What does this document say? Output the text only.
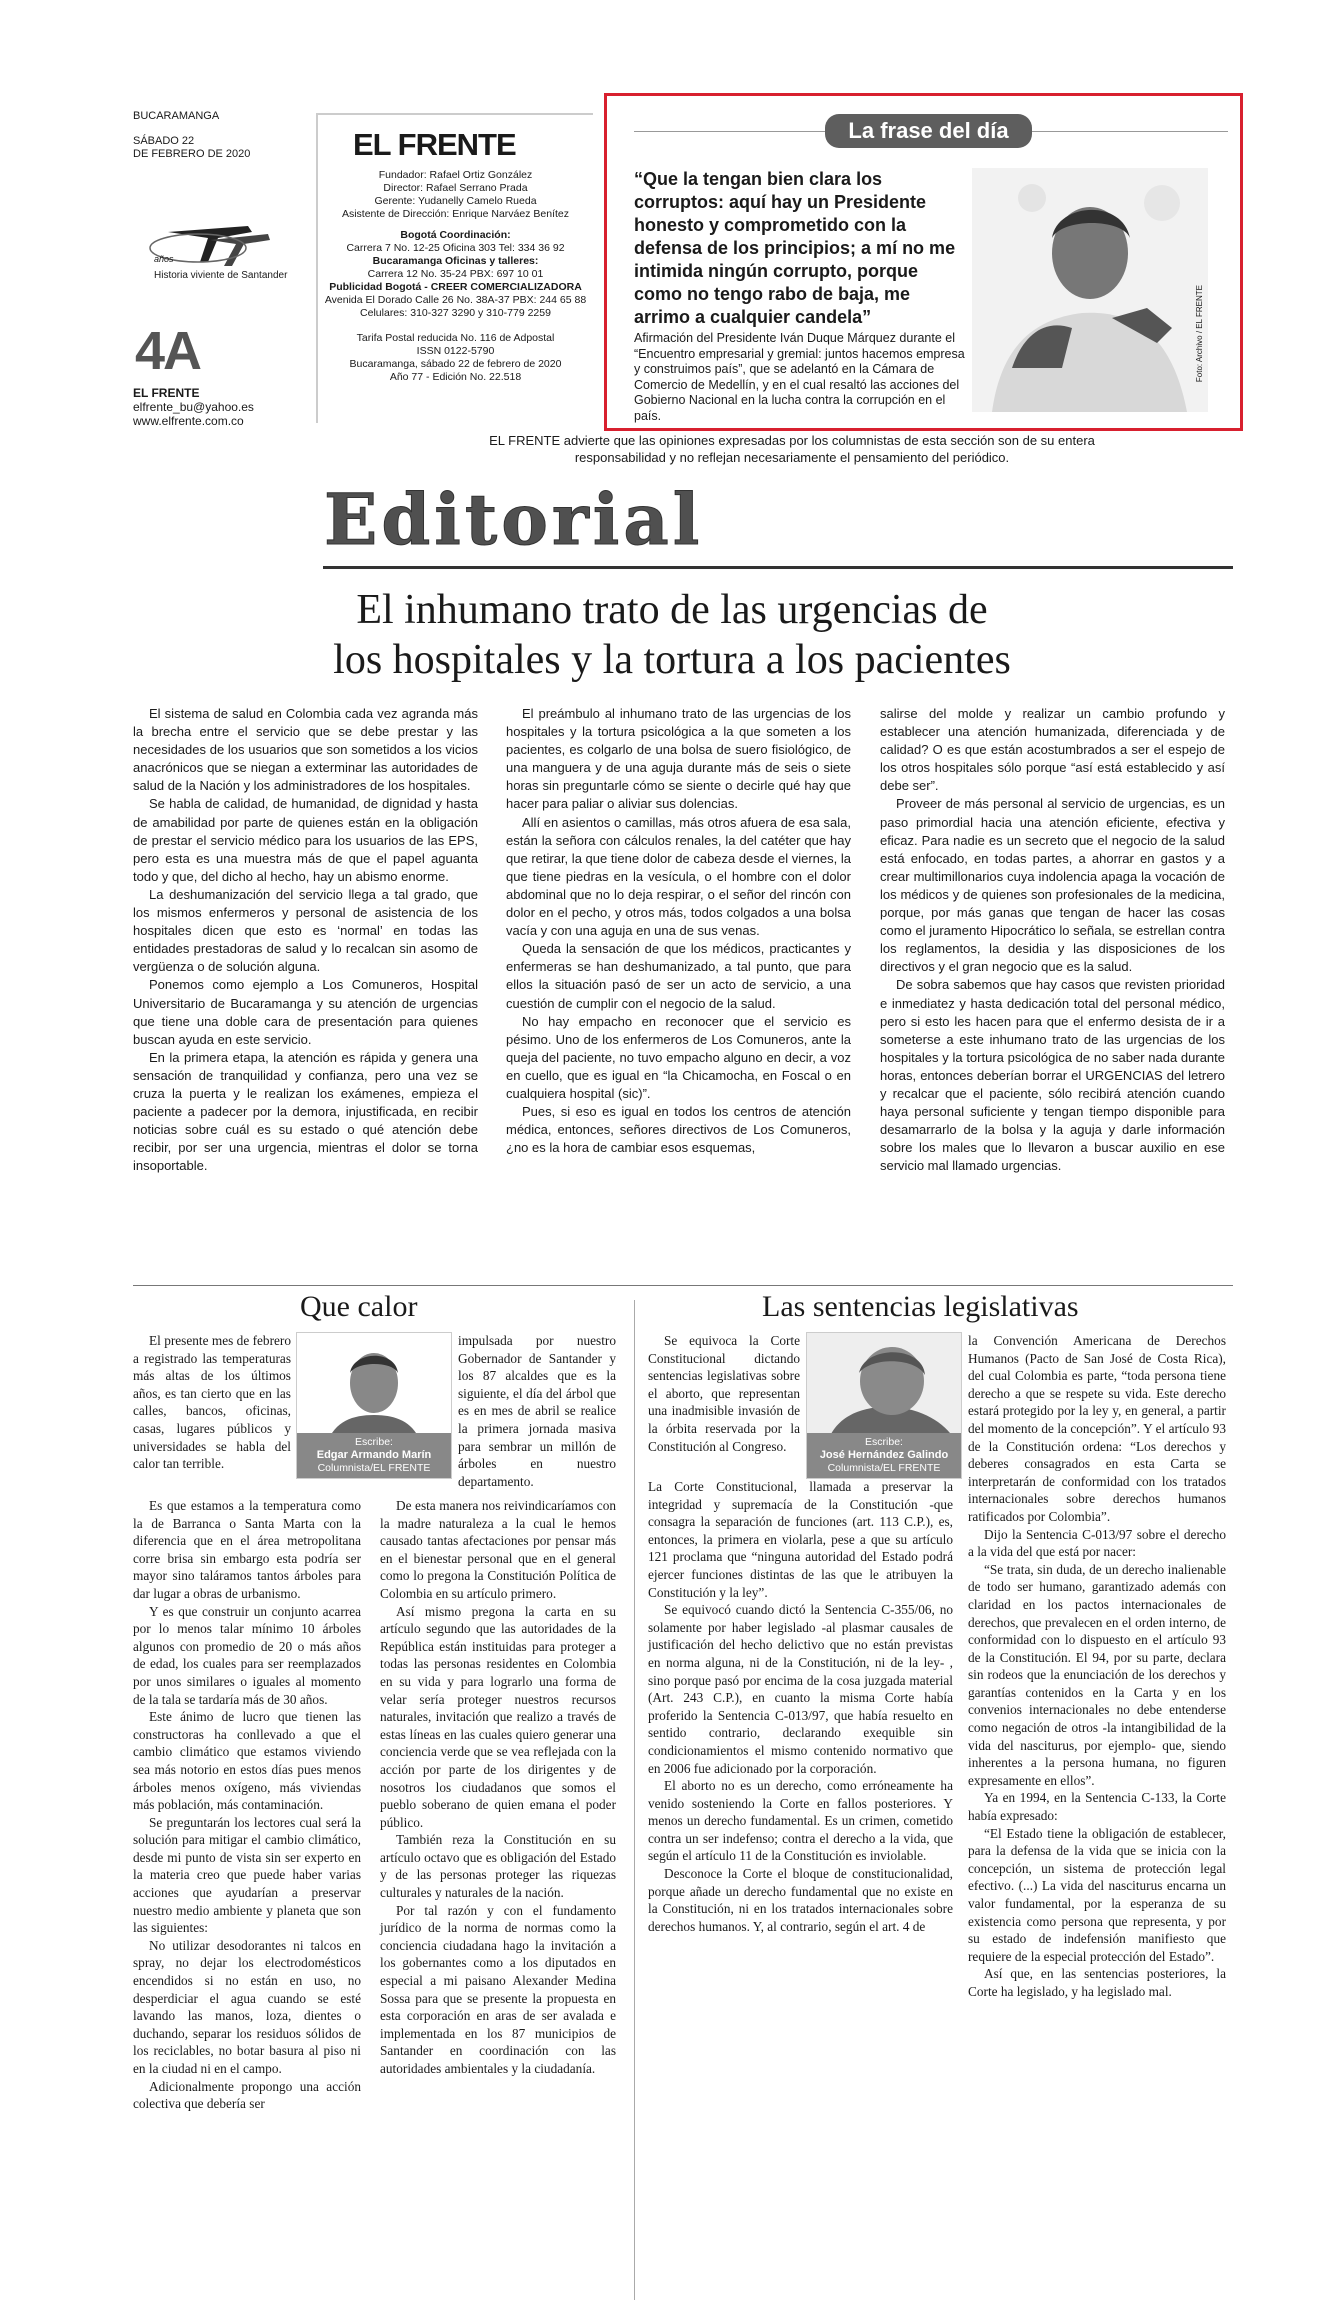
BUCARAMANGA
SÁBADO 22
DE FEBRERO DE 2020
años
Historia viviente de Santander
4A
EL FRENTE
elfrente_bu@yahoo.es
www.elfrente.com.co
EL FRENTE
Fundador: Rafael Ortiz González
Director: Rafael Serrano Prada
Gerente: Yudanelly Camelo Rueda
Asistente de Dirección: Enrique Narváez Benítez
Bogotá Coordinación:
Carrera 7 No. 12-25 Oficina 303 Tel: 334 36 92
Bucaramanga Oficinas y talleres:
Carrera 12 No. 35-24 PBX: 697 10 01
Publicidad Bogotá - CREER COMERCIALIZADORA
Avenida El Dorado Calle 26 No. 38A-37 PBX: 244 65 88
Celulares: 310-327 3290 y 310-779 2259
Tarifa Postal reducida No. 116 de Adpostal
ISSN 0122-5790
Bucaramanga, sábado 22 de febrero de 2020
Año 77 - Edición No. 22.518
La frase del día
“Que la tengan bien clara los corruptos: aquí hay un Presidente honesto y comprometido con la defensa de los principios; a mí no me intimida ningún corrupto, porque como no tengo rabo de baja, me arrimo a cualquier candela”
Afirmación del Presidente Iván Duque Márquez durante el “Encuentro empresarial y gremial: juntos hacemos empresa y construimos país”, que se adelantó en la Cámara de Comercio de Medellín, y en el cual resaltó las acciones del Gobierno Nacional en la lucha contra la corrupción en el país.
Foto: Archivo / EL FRENTE
EL FRENTE advierte que las opiniones expresadas por los columnistas de esta sección son de su entera responsabilidad y no reflejan necesariamente el pensamiento del periódico.
Editorial
El inhumano trato de las urgencias de
los hospitales y la tortura a los pacientes

El sistema de salud en Colombia cada vez agranda más la brecha entre el servicio que se debe prestar y las necesidades de los usuarios que son sometidos a los vicios anacrónicos que se niegan a exterminar las autoridades de salud de la Nación y los administradores de los hospitales.

Se habla de calidad, de humanidad, de dignidad y hasta de amabilidad por parte de quienes están en la obligación de prestar el servicio médico para los usuarios de las EPS, pero esta es una muestra más de que el papel aguanta todo y que, del dicho al hecho, hay un abismo enorme.

La deshumanización del servicio llega a tal grado, que los mismos enfermeros y personal de asistencia de los hospitales dicen que esto es ‘normal’ en todas las entidades prestadoras de salud y lo recalcan sin asomo de vergüenza o de solución alguna.

Ponemos como ejemplo a Los Comuneros, Hospital Universitario de Bucaramanga y su atención de urgencias que tiene una doble cara de presentación para quienes buscan ayuda en este servicio.

En la primera etapa, la atención es rápida y genera una sensación de tranquilidad y confianza, pero una vez se cruza la puerta y le realizan los exámenes, empieza el paciente a padecer por la demora, injustificada, en recibir noticias sobre cuál es su estado o qué atención debe recibir, por ser una urgencia, mientras el dolor se torna insoportable.

El preámbulo al inhumano trato de las urgencias de los hospitales y la tortura psicológica a la que someten a los pacientes, es colgarlo de una bolsa de suero fisiológico, de una manguera y de una aguja durante más de seis o siete horas sin preguntarle cómo se siente o decirle qué hay que hacer para paliar o aliviar sus dolencias.

Allí en asientos o camillas, más otros afuera de esa sala, están la señora con cálculos renales, la del catéter que hay que retirar, la que tiene dolor de cabeza desde el viernes, la que tiene piedras en la vesícula, o el hombre con el dolor abdominal que no lo deja respirar, o el señor del rincón con dolor en el pecho, y otros más, todos colgados a una bolsa vacía y con una aguja en una de sus venas.

Queda la sensación de que los médicos, practicantes y enfermeras se han deshumanizado, a tal punto, que para ellos la situación pasó de ser un acto de servicio, a una cuestión de cumplir con el negocio de la salud.

No hay empacho en reconocer que el servicio es pésimo. Uno de los enfermeros de Los Comuneros, ante la queja del paciente, no tuvo empacho alguno en decir, a voz en cuello, que es igual en “la Chicamocha, en Foscal o en cualquiera hospital (sic)”.

Pues, si eso es igual en todos los centros de atención médica, entonces, señores directivos de Los Comuneros, ¿no es la hora de cambiar esos esquemas,

salirse del molde y realizar un cambio profundo y establecer una atención humanizada, diferenciada y de calidad? O es que están acostumbrados a ser el espejo de los otros hospitales sólo porque “así está establecido y así debe ser”.

Proveer de más personal al servicio de urgencias, es un paso primordial hacia una atención eficiente, efectiva y eficaz. Para nadie es un secreto que el negocio de la salud está enfocado, en todas partes, a ahorrar en gastos y a crear multimillonarios cuya indolencia apaga la vocación de los médicos y de quienes son profesionales de la medicina, porque, por más ganas que tengan de hacer las cosas como el juramento Hipocrático lo señala, se estrellan contra los reglamentos, la desidia y las disposiciones de los directivos y el gran negocio que es la salud.

De sobra sabemos que hay casos que revisten prioridad e inmediatez y hasta dedicación total del personal médico, pero si esto les hacen para que el enfermo desista de ir a someterse a este inhumano trato de las urgencias de los hospitales y la tortura psicológica de no saber nada durante horas, entonces deberían borrar el URGENCIAS del letrero y recalcar que el paciente, sólo recibirá atención cuando haya personal suficiente y tengan tiempo disponible para desamarrarlo de la bolsa y la aguja y darle información sobre los males que lo llevaron a buscar auxilio en ese servicio mal llamado urgencias.

Que calor	Las sentencias legislativas

El presente mes de febrero a registrado las temperaturas más altas de los últimos años, es tan cierto que en las calles, bancos, oficinas, casas, lugares públicos y universidades se habla del calor tan terrible.

Escribe:
Edgar Armando Marín
Columnista/EL FRENTE

Es que estamos a la temperatura como la de Barranca o Santa Marta con la diferencia que en el área metropolitana corre brisa sin embargo esta podría ser mayor sino taláramos tantos árboles para dar lugar a obras de urbanismo.

Y es que construir un conjunto acarrea por lo menos talar mínimo 10 árboles algunos con promedio de 20 o más años de edad, los cuales para ser reemplazados por unos similares o iguales al momento de la tala se tardaría más de 30 años.

Este ánimo de lucro que tienen las constructoras ha conllevado a que el cambio climático que estamos viviendo sea más notorio en estos días pues menos árboles menos oxígeno, más viviendas más población, más contaminación.

Se preguntarán los lectores cual será la solución para mitigar el cambio climático, desde mi punto de vista sin ser experto en la materia creo que puede haber varias acciones que ayudarían a preservar nuestro medio ambiente y planeta que son las siguientes:

No utilizar desodorantes ni talcos en spray, no dejar los electrodomésticos encendidos si no están en uso, no desperdiciar el agua cuando se esté lavando las manos, loza, dientes o duchando, separar los residuos sólidos de los reciclables, no botar basura al piso ni en la ciudad ni en el campo.

Adicionalmente propongo una acción colectiva que debería ser

impulsada por nuestro Gobernador de Santander y los 87 alcaldes que es la siguiente, el día del árbol que es en mes de abril se realice la primera jornada masiva para sembrar un millón de árboles en nuestro departamento.

De esta manera nos reivindicaríamos con la madre naturaleza a la cual le hemos causado tantas afectaciones por pensar más en el bienestar personal que en el general como lo pregona la Constitución Política de Colombia en su artículo primero.

Así mismo pregona la carta en su artículo segundo que las autoridades de la República están instituidas para proteger a todas las personas residentes en Colombia en su vida y para lograrlo una forma de velar sería proteger nuestros recursos naturales, invitación que realizo a través de estas líneas en las cuales quiero generar una conciencia verde que se vea reflejada con la acción por parte de los dirigentes y de nosotros los ciudadanos que somos el pueblo soberano de quien emana el poder público.

También reza la Constitución en su artículo octavo que es obligación del Estado y de las personas proteger las riquezas culturales y naturales de la nación.

Por tal razón y con el fundamento jurídico de la norma de normas como la conciencia ciudadana hago la invitación a los gobernantes como a los diputados en especial a mi paisano Alexander Medina Sossa para que se presente la propuesta en esta corporación en aras de ser avalada e implementada en los 87 municipios de Santander en coordinación con las autoridades ambientales y la ciudadanía.

Se equivoca la Corte Constitucional dictando sentencias legislativas sobre el aborto, que representan una inadmisible invasión de la órbita reservada por la Constitución al Congreso.	Escribe:
José Hernández Galindo
Columnista/EL FRENTE

La Corte Constitucional, llamada a preservar la integridad y supremacía de la Constitución -que consagra la separación de funciones (art. 113 C.P.), es, entonces, la primera en violarla, pese a que su artículo 121 proclama que “ninguna autoridad del Estado podrá ejercer funciones distintas de las que le atribuyen la Constitución y la ley”.

Se equivocó cuando dictó la Sentencia C-355/06, no solamente por haber legislado -al plasmar causales de justificación del hecho delictivo que no están previstas en norma alguna, ni de la Constitución, ni de la ley- , sino porque pasó por encima de la cosa juzgada material (Art. 243 C.P.), en cuanto la misma Corte había proferido la Sentencia C-013/97, que había resuelto en sentido contrario, declarando exequible sin condicionamientos el mismo contenido normativo que en 2006 fue adicionado por la corporación.

El aborto no es un derecho, como erróneamente ha venido sosteniendo la Corte en fallos posteriores. Y menos un derecho fundamental. Es un crimen, cometido contra un ser indefenso; contra el derecho a la vida, que según el artículo 11 de la Constitución es inviolable.

Desconoce la Corte el bloque de constitucionalidad, porque añade un derecho fundamental que no existe en la Constitución, ni en los tratados internacionales sobre derechos humanos. Y, al contrario, según el art. 4 de

la Convención Americana de Derechos Humanos (Pacto de San José de Costa Rica), del cual Colombia es parte, “toda persona tiene derecho a que se respete su vida. Este derecho estará protegido por la ley y, en general, a partir del momento de la concepción”. Y el artículo 93 de la Constitución ordena: “Los derechos y deberes consagrados en esta Carta se interpretarán de conformidad con los tratados internacionales sobre derechos humanos ratificados por Colombia”.

Dijo la Sentencia C-013/97 sobre el derecho a la vida del que está por nacer:

“Se trata, sin duda, de un derecho inalienable de todo ser humano, garantizado además con claridad en los pactos internacionales de derechos, que prevalecen en el orden interno, de conformidad con lo dispuesto en el artículo 93 de la Constitución. El 94, por su parte, declara sin rodeos que la enunciación de los derechos y garantías contenidos en la Carta y en los convenios internacionales no debe entenderse como negación de otros -la intangibilidad de la vida del nasciturus, por ejemplo- que, siendo inherentes a la persona humana, no figuren expresamente en ellos”.

Ya en 1994, en la Sentencia C-133, la Corte había expresado:

“El Estado tiene la obligación de establecer, para la defensa de la vida que se inicia con la concepción, un sistema de protección legal efectivo. (...) La vida del nasciturus encarna un valor fundamental, por la esperanza de su existencia como persona que representa, y por su estado de indefensión manifiesto que requiere de la especial protección del Estado”.

Así que, en las sentencias posteriores, la Corte ha legislado, y ha legislado mal.
